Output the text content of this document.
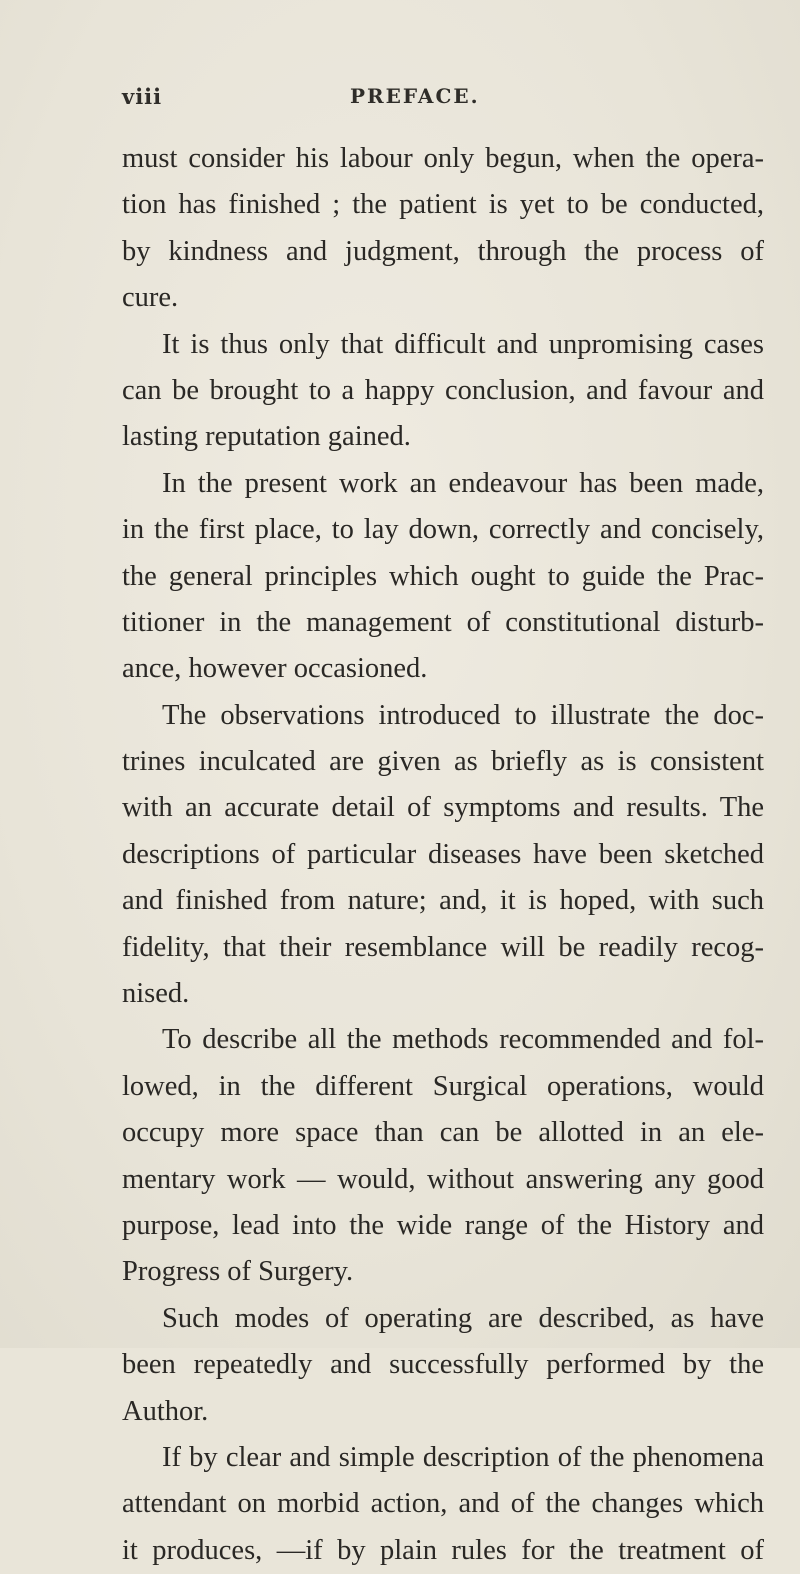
viii	PREFACE.
must consider his labour only begun, when the opera-
tion has finished ; the patient is yet to be conducted,
by kindness and judgment, through the process of
cure.
It is thus only that difficult and unpromising cases
can be brought to a happy conclusion, and favour and
lasting reputation gained.
In the present work an endeavour has been made,
in the first place, to lay down, correctly and concisely,
the general principles which ought to guide the Prac-
titioner in the management of constitutional disturb-
ance, however occasioned.
The observations introduced to illustrate the doc-
trines inculcated are given as briefly as is consistent
with an accurate detail of symptoms and results. The
descriptions of particular diseases have been sketched
and finished from nature; and, it is hoped, with such
fidelity, that their resemblance will be readily recog-
nised.
To describe all the methods recommended and fol-
lowed, in the different Surgical operations, would
occupy more space than can be allotted in an ele-
mentary work — would, without answering any good
purpose, lead into the wide range of the History and
Progress of Surgery.
Such modes of operating are described, as have
been repeatedly and successfully performed by the
Author.
If by clear and simple description of the phenomena
attendant on morbid action, and of the changes which
it produces, —if by plain rules for the treatment of
